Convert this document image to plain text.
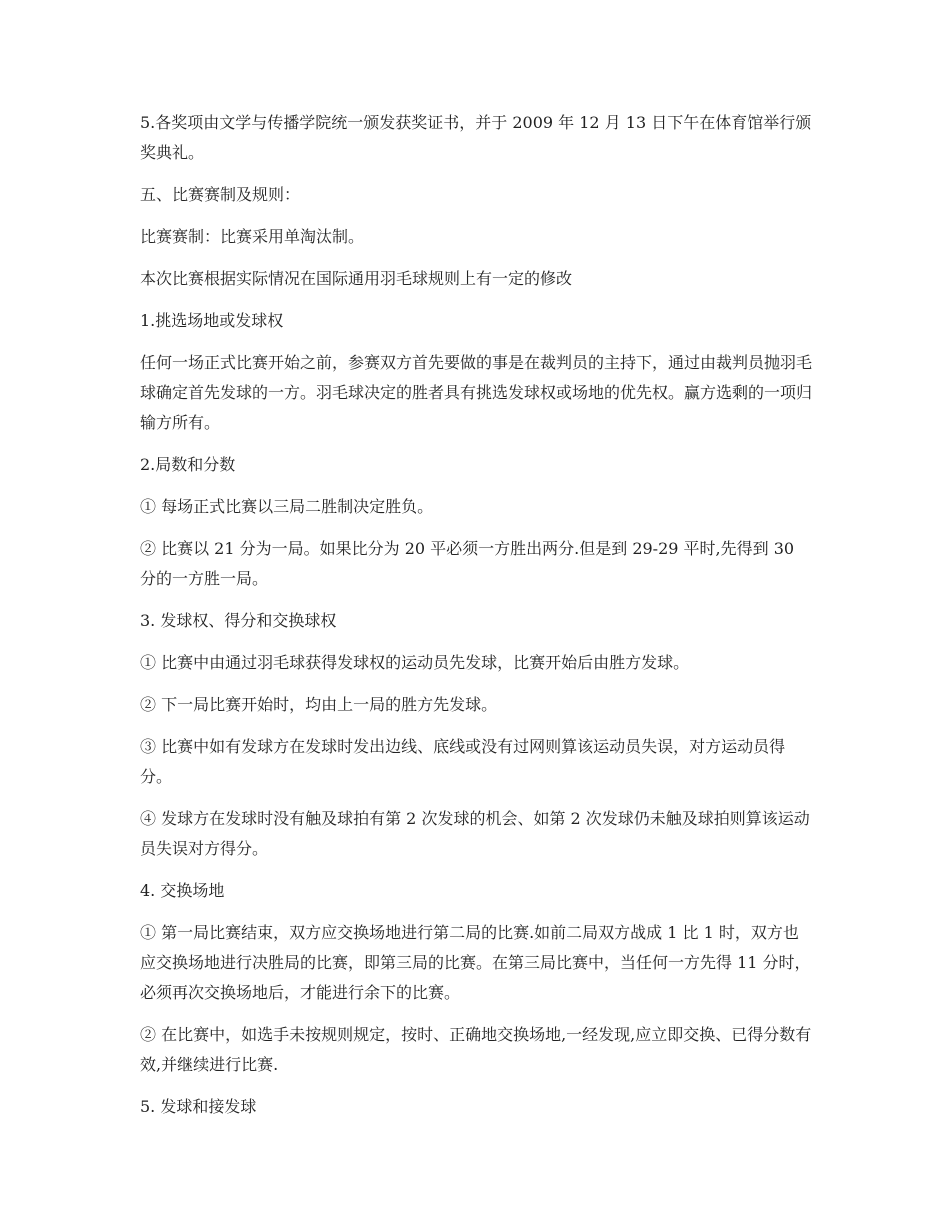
5.各奖项由文学与传播学院统一颁发获奖证书，并于 2009 年 12 月 13 日下午在体育馆举行颁奖典礼。

五、比赛赛制及规则：

比赛赛制：比赛采用单淘汰制。

本次比赛根据实际情况在国际通用羽毛球规则上有一定的修改

1.挑选场地或发球权

任何一场正式比赛开始之前，参赛双方首先要做的事是在裁判员的主持下，通过由裁判员抛羽毛球确定首先发球的一方。羽毛球决定的胜者具有挑选发球权或场地的优先权。赢方选剩的一项归输方所有。

2.局数和分数

① 每场正式比赛以三局二胜制决定胜负。

② 比赛以 21 分为一局。如果比分为 20 平必须一方胜出两分.但是到 29-29 平时,先得到 30 分的一方胜一局。

3. 发球权、得分和交换球权

① 比赛中由通过羽毛球获得发球权的运动员先发球，比赛开始后由胜方发球。

② 下一局比赛开始时，均由上一局的胜方先发球。

③ 比赛中如有发球方在发球时发出边线、底线或没有过网则算该运动员失误，对方运动员得分。

④ 发球方在发球时没有触及球拍有第 2 次发球的机会、如第 2 次发球仍未触及球拍则算该运动员失误对方得分。

4. 交换场地

① 第一局比赛结束，双方应交换场地进行第二局的比赛.如前二局双方战成 1 比 1 时，双方也应交换场地进行决胜局的比赛，即第三局的比赛。在第三局比赛中，当任何一方先得 11 分时，必须再次交换场地后，才能进行余下的比赛。

② 在比赛中，如选手未按规则规定，按时、正确地交换场地,一经发现,应立即交换、已得分数有效,并继续进行比赛.

5. 发球和接发球
